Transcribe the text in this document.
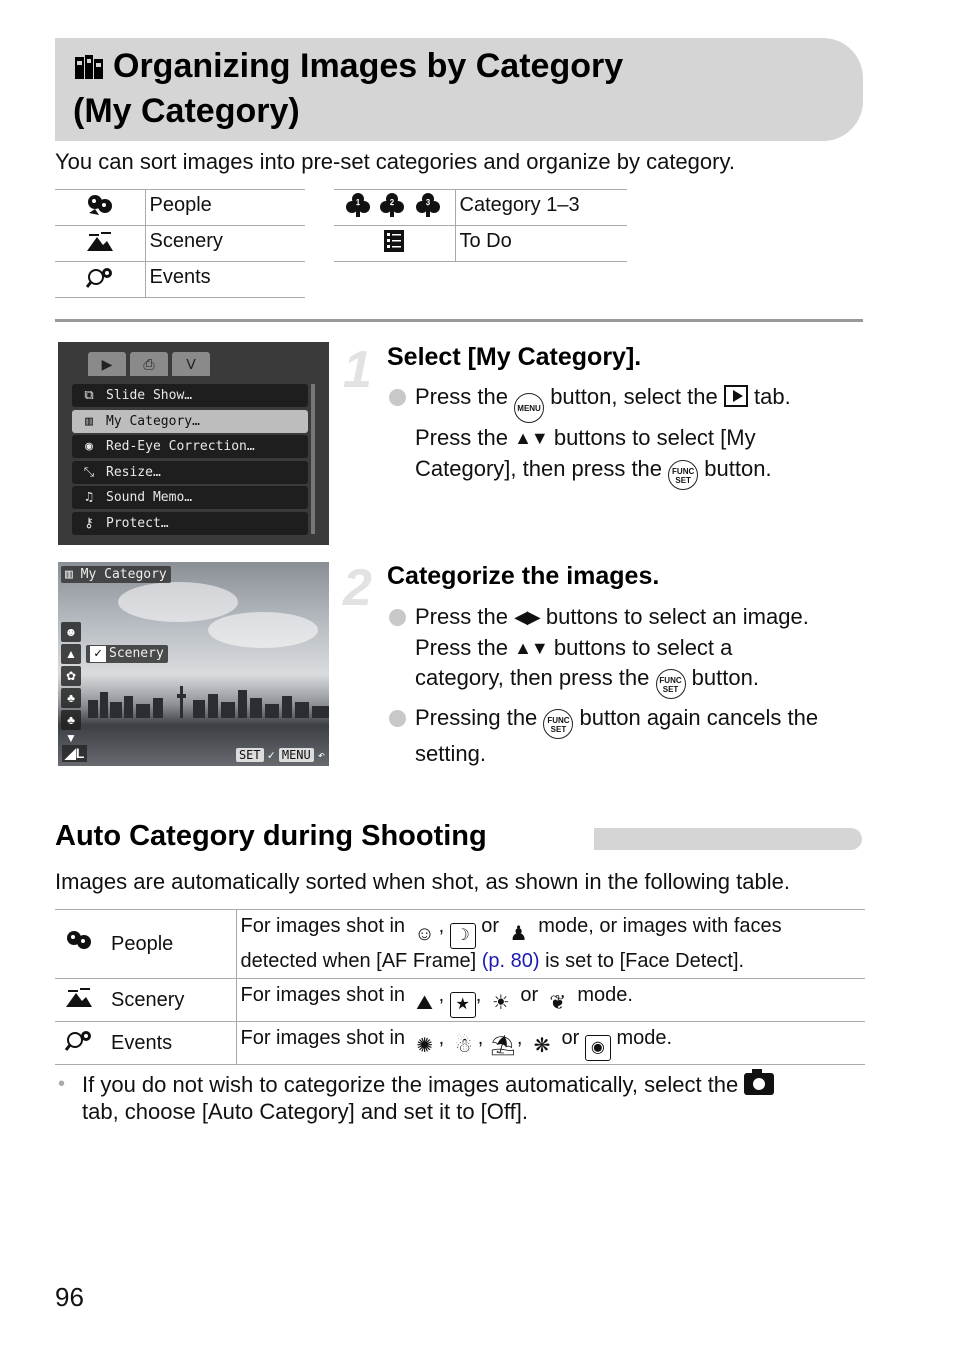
Organizing Images by Category
(My Category)
You can sort images into pre-set categories and organize by category.
	People
	Scenery
	Events
1 2 3	Category 1–3
	To Do
▶	⎙	ⴸ
⧉ Slide Show…
▥	My Category…
◉	Red-Eye Correction…
⤡ Resize…
♫	Sound Memo…
⚷ Protect…
▥ My Category
☻
▲
✿
♣
♣
▼
✓ Scenery
◢L	SET ✓ MENU ↶
1 Select [My Category].
Press the MENU button, select the tab.
Press the ▲▼ buttons to select [My
Category], then press the FUNC
SET button.
2 Categorize the images.
Press the ◀▶ buttons to select an image.
Press the ▲▼ buttons to select a
category, then press the FUNC
SET button.
Pressing the FUNC
SET button again cancels the
setting.
Auto Category during Shooting
Images are automatically sorted when shot, as shown in the following table.
	People	For images shot in ☺ , ☽ or ♟ mode, or images with faces
detected when [AF Frame] (p. 80) is set to [Face Detect].
	Scenery	For images shot in ⛰ , ★ , ☀ or ❦ mode.
	Events	For images shot in ✺ , ☃ , ⛱, ❋ or ◉ mode.
• If you do not wish to categorize the images automatically, select the
tab, choose [Auto Category] and set it to [Off].
96
